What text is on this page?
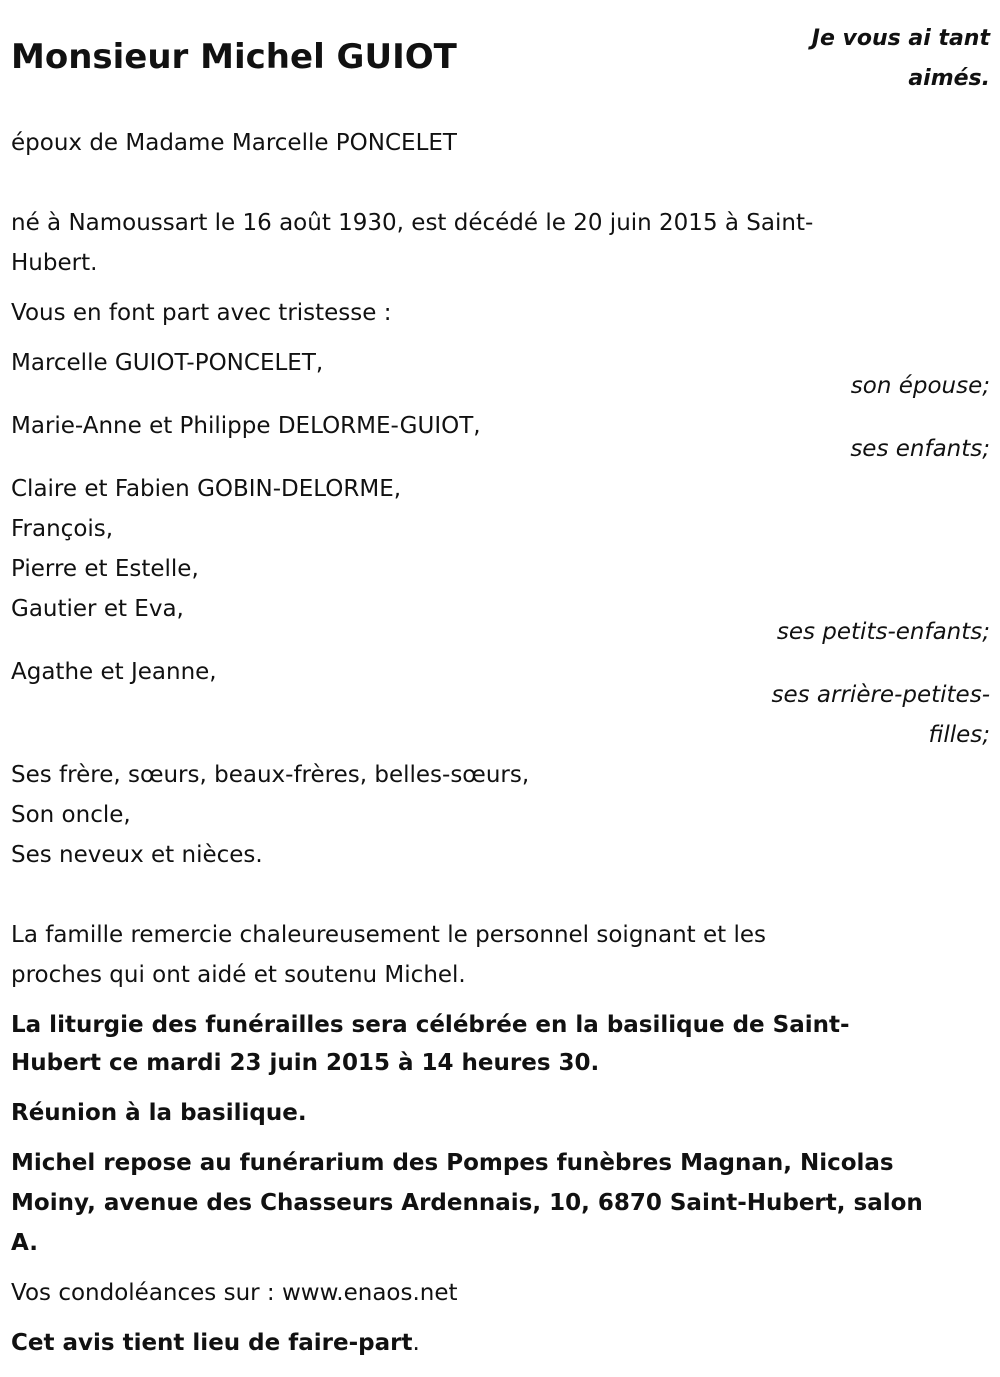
Monsieur Michel GUIOT	Je vous ai tant
aimés.
époux de Madame Marcelle PONCELET
né à Namoussart le 16 août 1930, est décédé le 20 juin 2015 à Saint-
Hubert.
Vous en font part avec tristesse :
Marcelle GUIOT-PONCELET,
son épouse;
Marie-Anne et Philippe DELORME-GUIOT,
ses enfants;
Claire et Fabien GOBIN-DELORME,
François,
Pierre et Estelle,
Gautier et Eva,
ses petits-enfants;
Agathe et Jeanne,
ses arrière-petites-
filles;
Ses frère, sœurs, beaux-frères, belles-sœurs,
Son oncle,
Ses neveux et nièces.
La famille remercie chaleureusement le personnel soignant et les
proches qui ont aidé et soutenu Michel.
La liturgie des funérailles sera célébrée en la basilique de Saint-
Hubert ce mardi 23 juin 2015 à 14 heures 30.
Réunion à la basilique.
Michel repose au funérarium des Pompes funèbres Magnan, Nicolas
Moiny, avenue des Chasseurs Ardennais, 10, 6870 Saint-Hubert, salon
A.
Vos condoléances sur : www.enaos.net
Cet avis tient lieu de faire-part.
